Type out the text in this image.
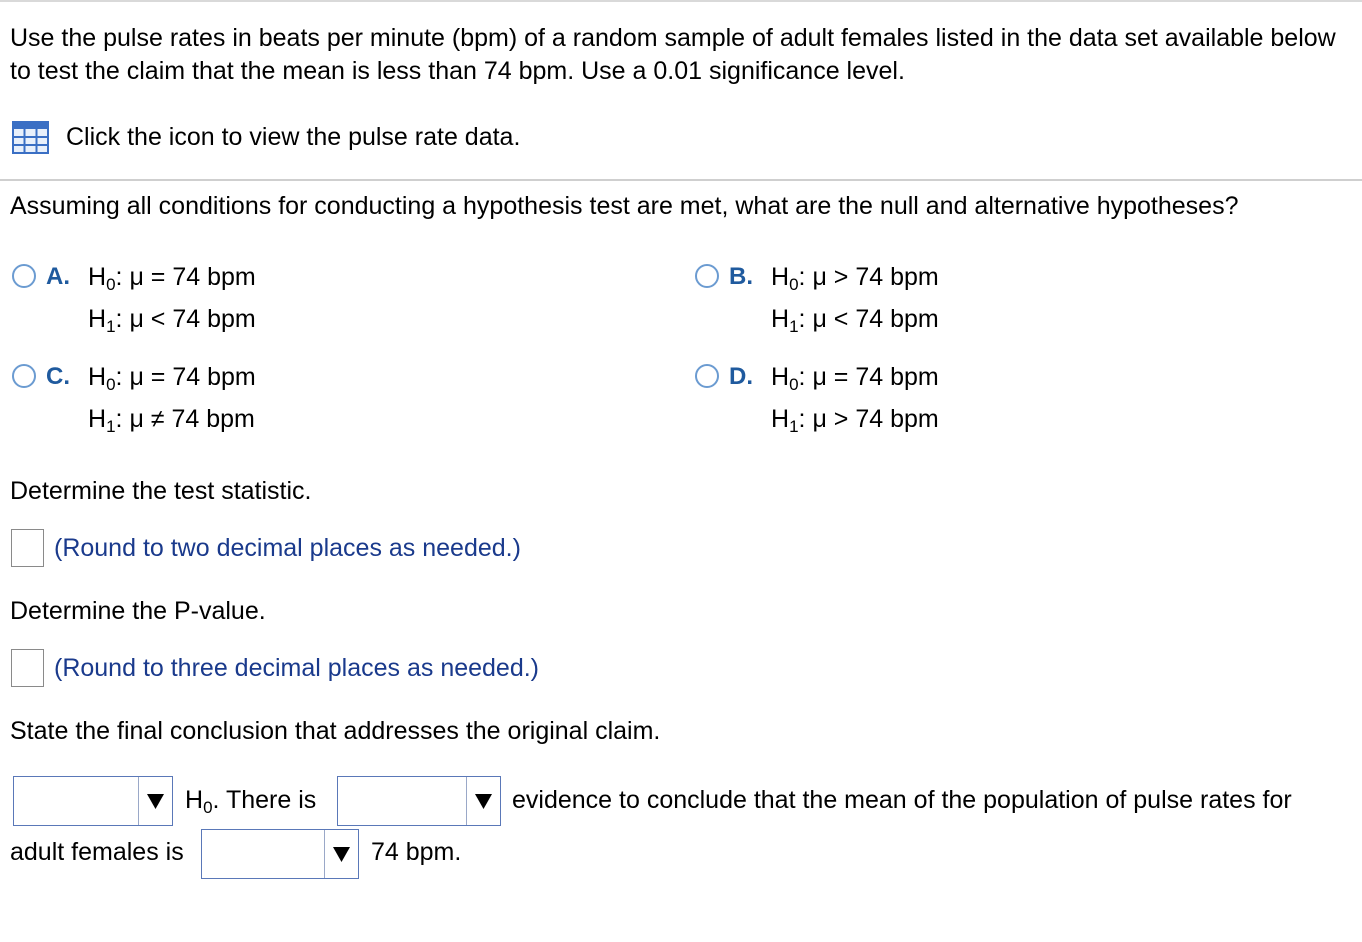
Use the pulse rates in beats per minute (bpm) of a random sample of adult females listed in the data set available below to test the claim that the mean is less than 74 bpm. Use a 0.01 significance level.
Click the icon to view the pulse rate data.
Assuming all conditions for conducting a hypothesis test are met, what are the null and alternative hypotheses?
A. $H_0$: μ = 74 bpm
$H_1$: μ < 74 bpm
B. $H_0$: μ > 74 bpm
$H_1$: μ < 74 bpm
C. $H_0$: μ = 74 bpm
$H_1$: μ ≠ 74 bpm
D. $H_0$: μ = 74 bpm
$H_1$: μ > 74 bpm
Determine the test statistic.
(Round to two decimal places as needed.)
Determine the P-value.
(Round to three decimal places as needed.)
State the final conclusion that addresses the original claim.
$H_0$. There is	evidence to conclude that the mean of the population of pulse rates for
adult females is	74 bpm.
